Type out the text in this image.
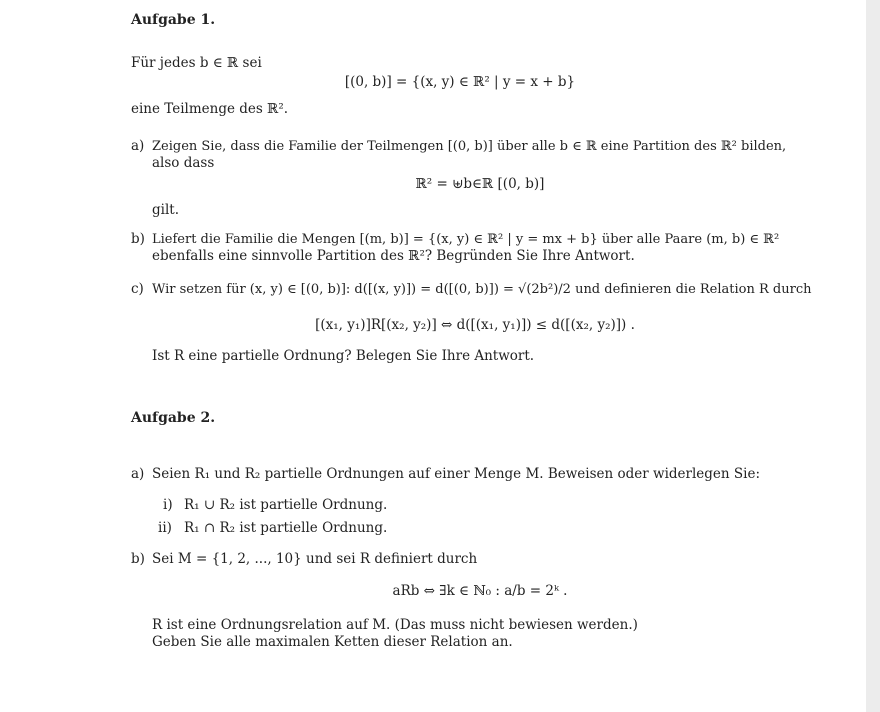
Aufgabe 1.
Für jedes b ∈ ℝ sei
[(0, b)] = {(x, y) ∈ ℝ² | y = x + b}
eine Teilmenge des ℝ².
a) Zeigen Sie, dass die Familie der Teilmengen [(0, b)] über alle b ∈ ℝ eine Partition des ℝ² bilden,
also dass
ℝ² = ⊎b∈ℝ [(0, b)]
gilt.
b) Liefert die Familie die Mengen [(m, b)] = {(x, y) ∈ ℝ² | y = mx + b} über alle Paare (m, b) ∈ ℝ²
ebenfalls eine sinnvolle Partition des ℝ²? Begründen Sie Ihre Antwort.
c) Wir setzen für (x, y) ∈ [(0, b)]: d([(x, y)]) = d([(0, b)]) = √(2b²)/2 und definieren die Relation R durch
[(x₁, y₁)]R[(x₂, y₂)] ⇔ d([(x₁, y₁)]) ≤ d([(x₂, y₂)]) .
Ist R eine partielle Ordnung? Belegen Sie Ihre Antwort.
Aufgabe 2.
a) Seien R₁ und R₂ partielle Ordnungen auf einer Menge M. Beweisen oder widerlegen Sie:
i) R₁ ∪ R₂ ist partielle Ordnung.
ii) R₁ ∩ R₂ ist partielle Ordnung.
b) Sei M = {1, 2, ..., 10} und sei R definiert durch
aRb ⇔ ∃k ∈ ℕ₀ : a/b = 2ᵏ .
R ist eine Ordnungsrelation auf M. (Das muss nicht bewiesen werden.)
Geben Sie alle maximalen Ketten dieser Relation an.
